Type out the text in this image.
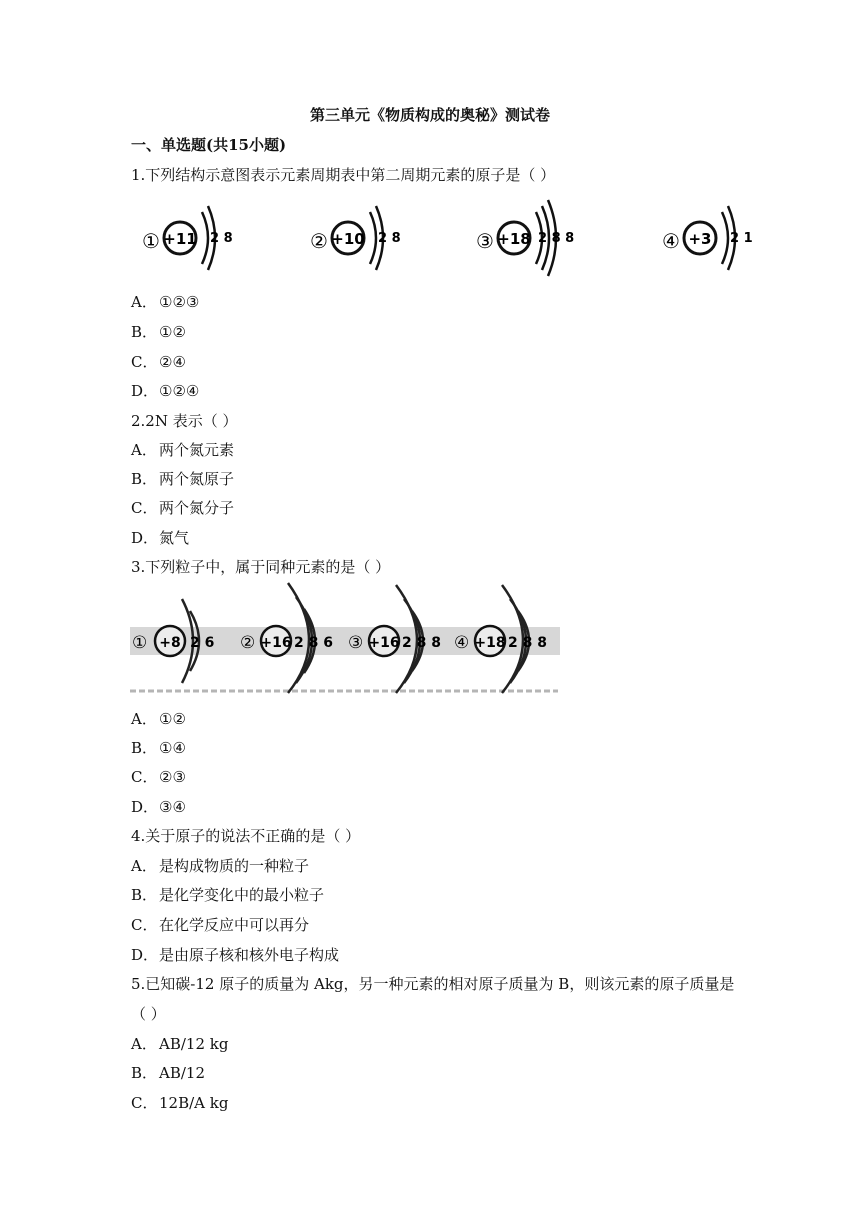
第三单元《物质构成的奥秘》测试卷
一、单选题(共15小题)
1.下列结构示意图表示元素周期表中第二周期元素的原子是（ ）
① +11 2 8	② +10 2 8	③ +18 2 8 8	④ +3 2 1
A． ①②③
B． ①②
C． ②④
D．①②④
2.2N 表示（ ）
A． 两个氮元素
B． 两个氮原子
C． 两个氮分子
D．氮气
3.下列粒子中，属于同种元素的是（ ）
① +8 2 6 ② +16 2 8 6 ③ +16 2 8 8 ④ +18 2 8 8
A． ①②
B． ①④
C． ②③
D．③④
4.关于原子的说法不正确的是（ ）
A． 是构成物质的一种粒子
B． 是化学变化中的最小粒子
C． 在化学反应中可以再分
D．是由原子核和核外电子构成
5.已知碳-12 原子的质量为 Akg，另一种元素的相对原子质量为 B，则该元素的原子质量是
（ ）
A． AB/12 kg
B． AB/12
C． 12B/A kg
